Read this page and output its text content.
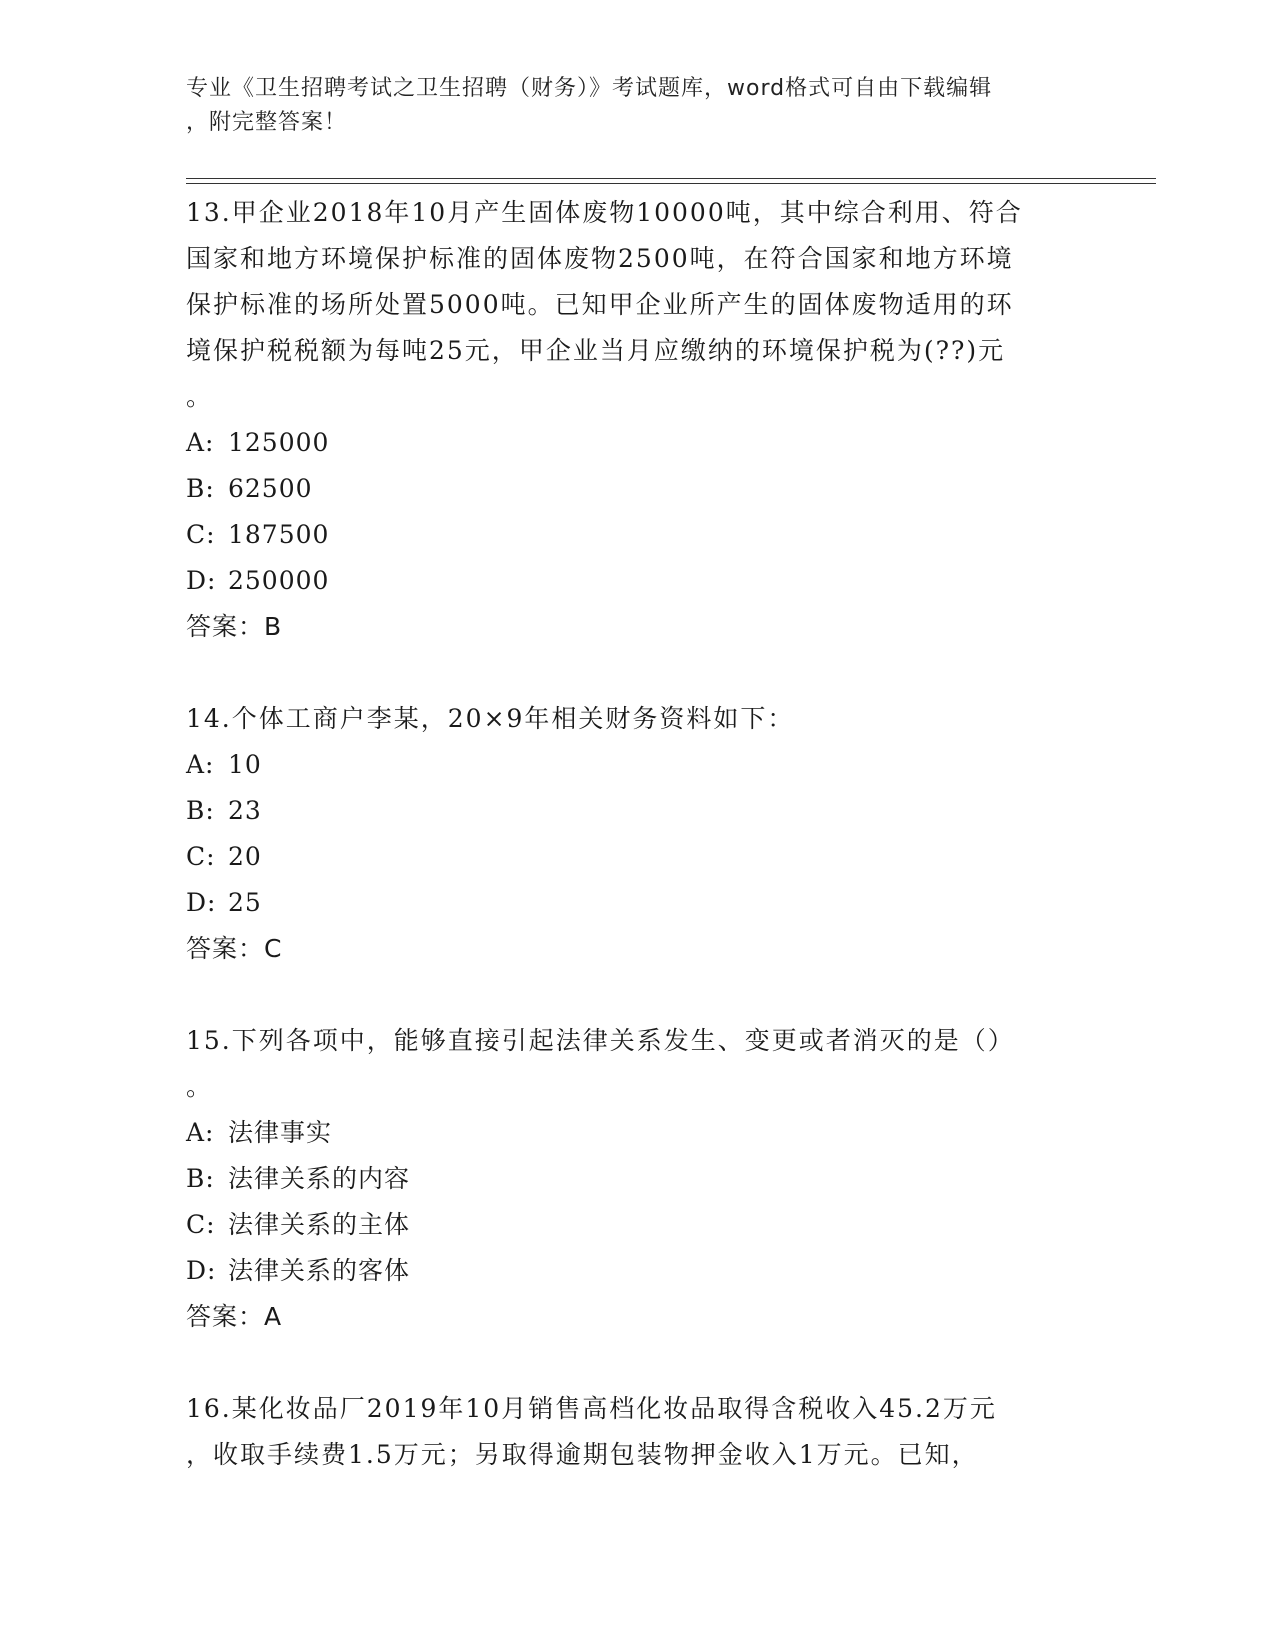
专业《卫生招聘考试之卫生招聘（财务）》考试题库，word格式可自由下载编辑
，附完整答案！

13.甲企业2018年10月产生固体废物10000吨，其中综合利用、符合

国家和地方环境保护标准的固体废物2500吨，在符合国家和地方环境

保护标准的场所处置5000吨。已知甲企业所产生的固体废物适用的环

境保护税税额为每吨25元，甲企业当月应缴纳的环境保护税为(??)元

。

A: 125000

B: 62500

C: 187500

D: 250000

答案：B

14.个体工商户李某，20×9年相关财务资料如下：

A: 10

B: 23

C: 20

D: 25

答案：C

15.下列各项中，能够直接引起法律关系发生、变更或者消灭的是（）

。

A: 法律事实

B: 法律关系的内容

C: 法律关系的主体

D: 法律关系的客体

答案：A

16.某化妆品厂2019年10月销售高档化妆品取得含税收入45.2万元

，收取手续费1.5万元；另取得逾期包装物押金收入1万元。已知，
